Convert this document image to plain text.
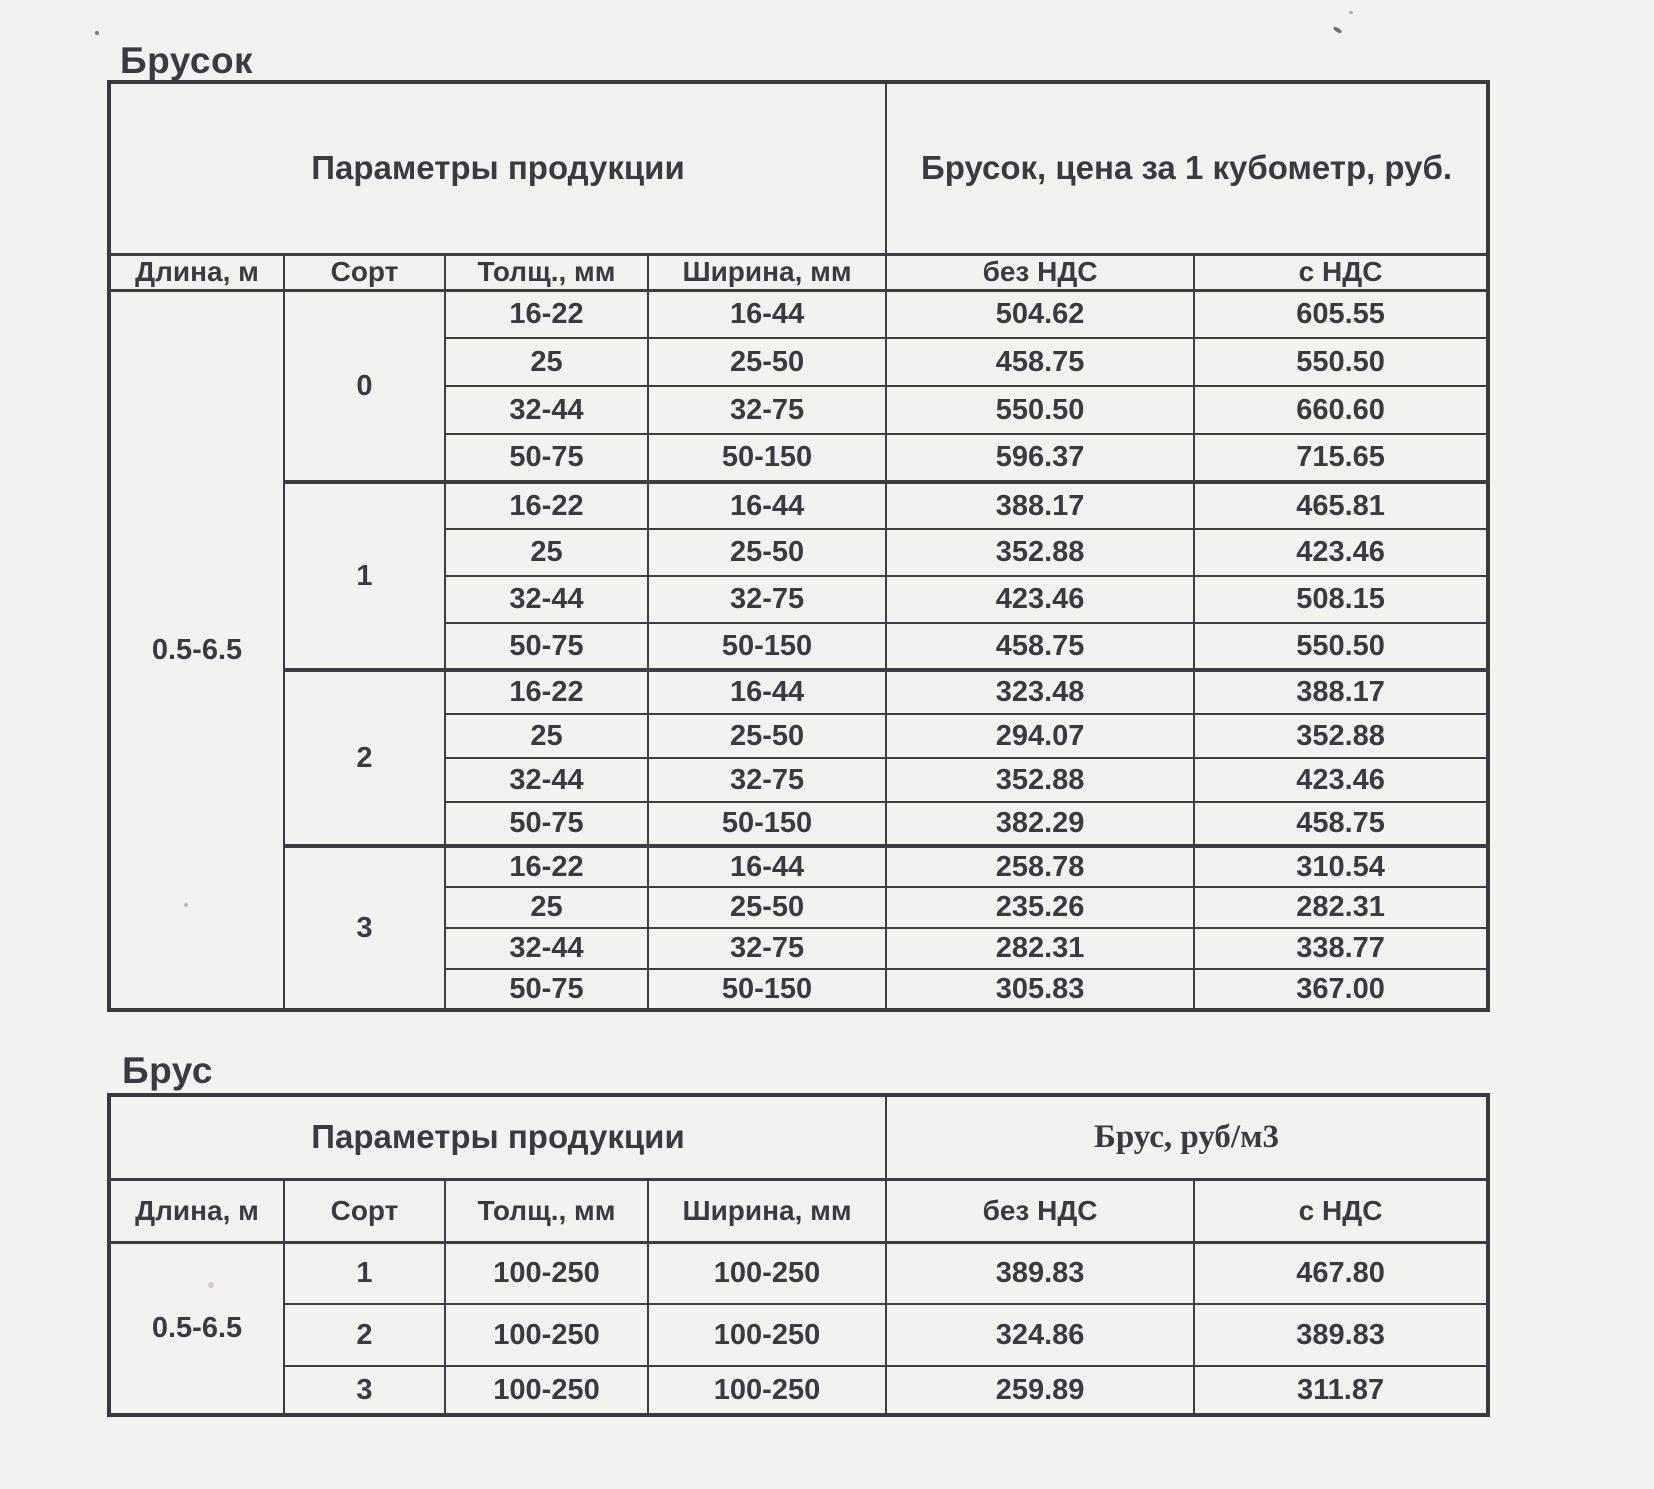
Брусок
Параметры продукции				Брусок, цена за 1 кубометр, руб.	
Длина, м	Сорт	Толщ., мм	Ширина, мм	без НДС	с НДС
0.5-6.5	0	16-22	16-44	504.62	605.55
		25	25-50	458.75	550.50
		32-44	32-75	550.50	660.60
		50-75	50-150	596.37	715.65
	1	16-22	16-44	388.17	465.81
		25	25-50	352.88	423.46
		32-44	32-75	423.46	508.15
		50-75	50-150	458.75	550.50
	2	16-22	16-44	323.48	388.17
		25	25-50	294.07	352.88
		32-44	32-75	352.88	423.46
		50-75	50-150	382.29	458.75
	3	16-22	16-44	258.78	310.54
		25	25-50	235.26	282.31
		32-44	32-75	282.31	338.77
		50-75	50-150	305.83	367.00
Брус
Параметры продукции				Брус, руб/м3	
Длина, м	Сорт	Толщ., мм	Ширина, мм	без НДС	с НДС
0.5-6.5	1	100-250	100-250	389.83	467.80
	2	100-250	100-250	324.86	389.83
	3	100-250	100-250	259.89	311.87
